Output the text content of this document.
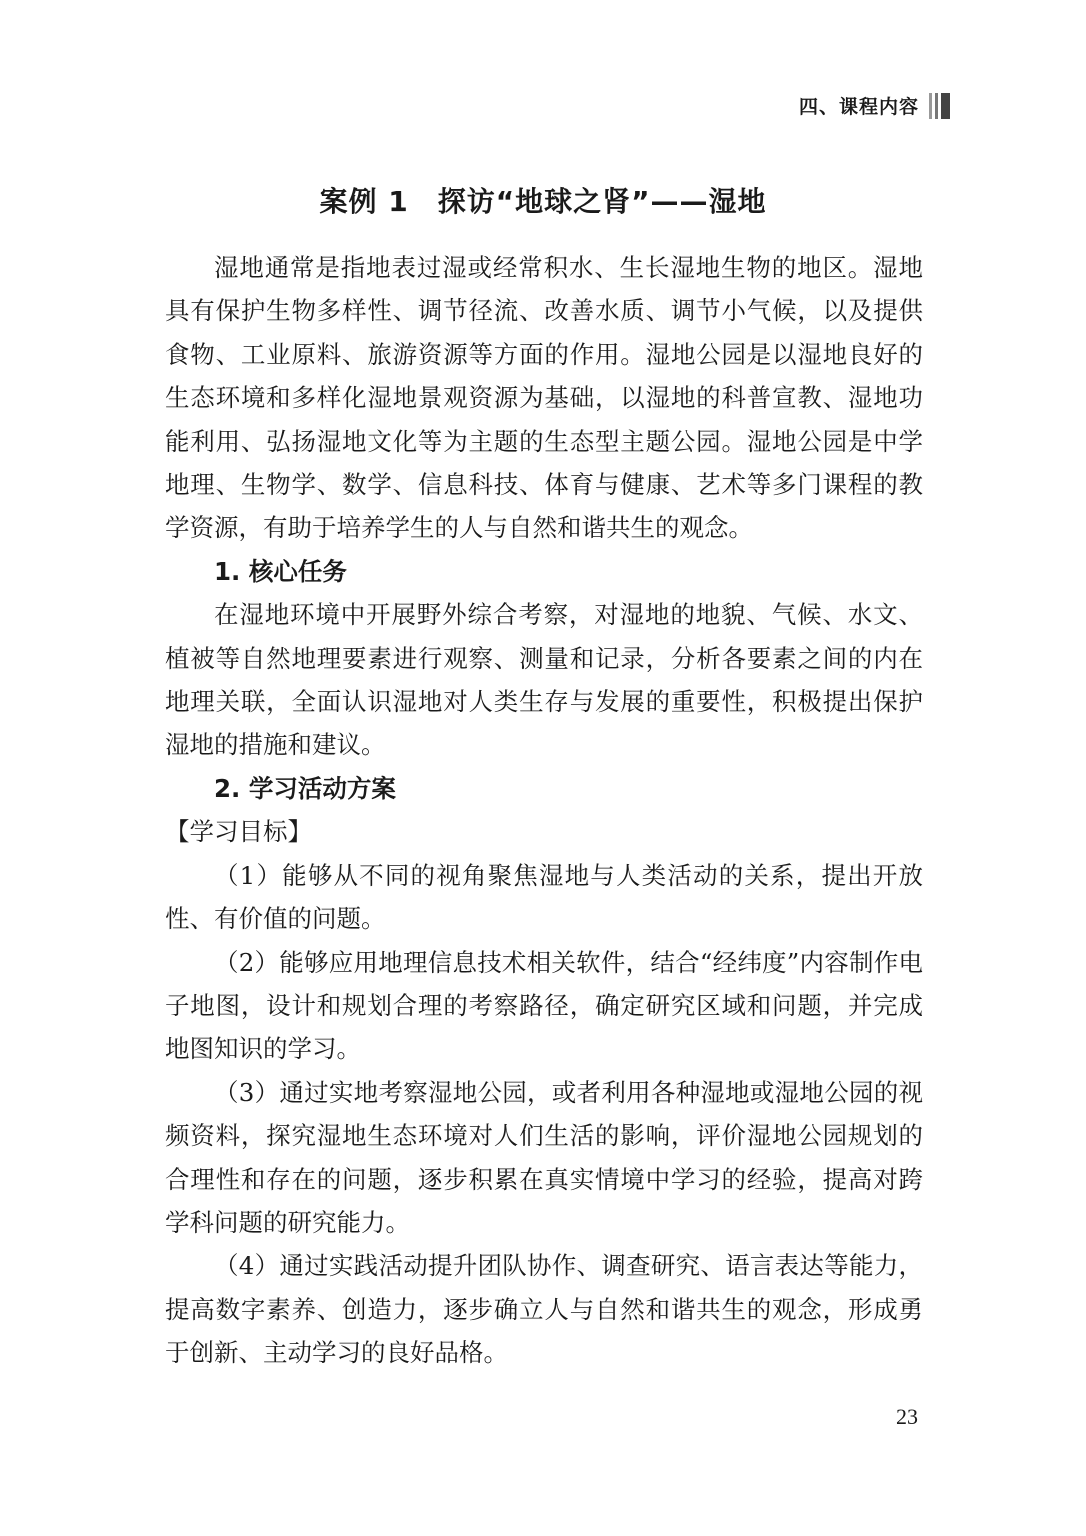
四、课程内容
案例 1　探访“地球之肾”——湿地

湿地通常是指地表过湿或经常积水、生长湿地生物的地区。湿地具有保护生物多样性、调节径流、改善水质、调节小气候，以及提供食物、工业原料、旅游资源等方面的作用。湿地公园是以湿地良好的生态环境和多样化湿地景观资源为基础，以湿地的科普宣教、湿地功能利用、弘扬湿地文化等为主题的生态型主题公园。湿地公园是中学地理、生物学、数学、信息科技、体育与健康、艺术等多门课程的教学资源，有助于培养学生的人与自然和谐共生的观念。

1. 核心任务

在湿地环境中开展野外综合考察，对湿地的地貌、气候、水文、植被等自然地理要素进行观察、测量和记录，分析各要素之间的内在地理关联，全面认识湿地对人类生存与发展的重要性，积极提出保护湿地的措施和建议。

2. 学习活动方案

【学习目标】

（1）能够从不同的视角聚焦湿地与人类活动的关系，提出开放性、有价值的问题。

（2）能够应用地理信息技术相关软件，结合“经纬度”内容制作电子地图，设计和规划合理的考察路径，确定研究区域和问题，并完成地图知识的学习。

（3）通过实地考察湿地公园，或者利用各种湿地或湿地公园的视频资料，探究湿地生态环境对人们生活的影响，评价湿地公园规划的合理性和存在的问题，逐步积累在真实情境中学习的经验，提高对跨学科问题的研究能力。

（4）通过实践活动提升团队协作、调查研究、语言表达等能力，提高数字素养、创造力，逐步确立人与自然和谐共生的观念，形成勇于创新、主动学习的良好品格。

23
